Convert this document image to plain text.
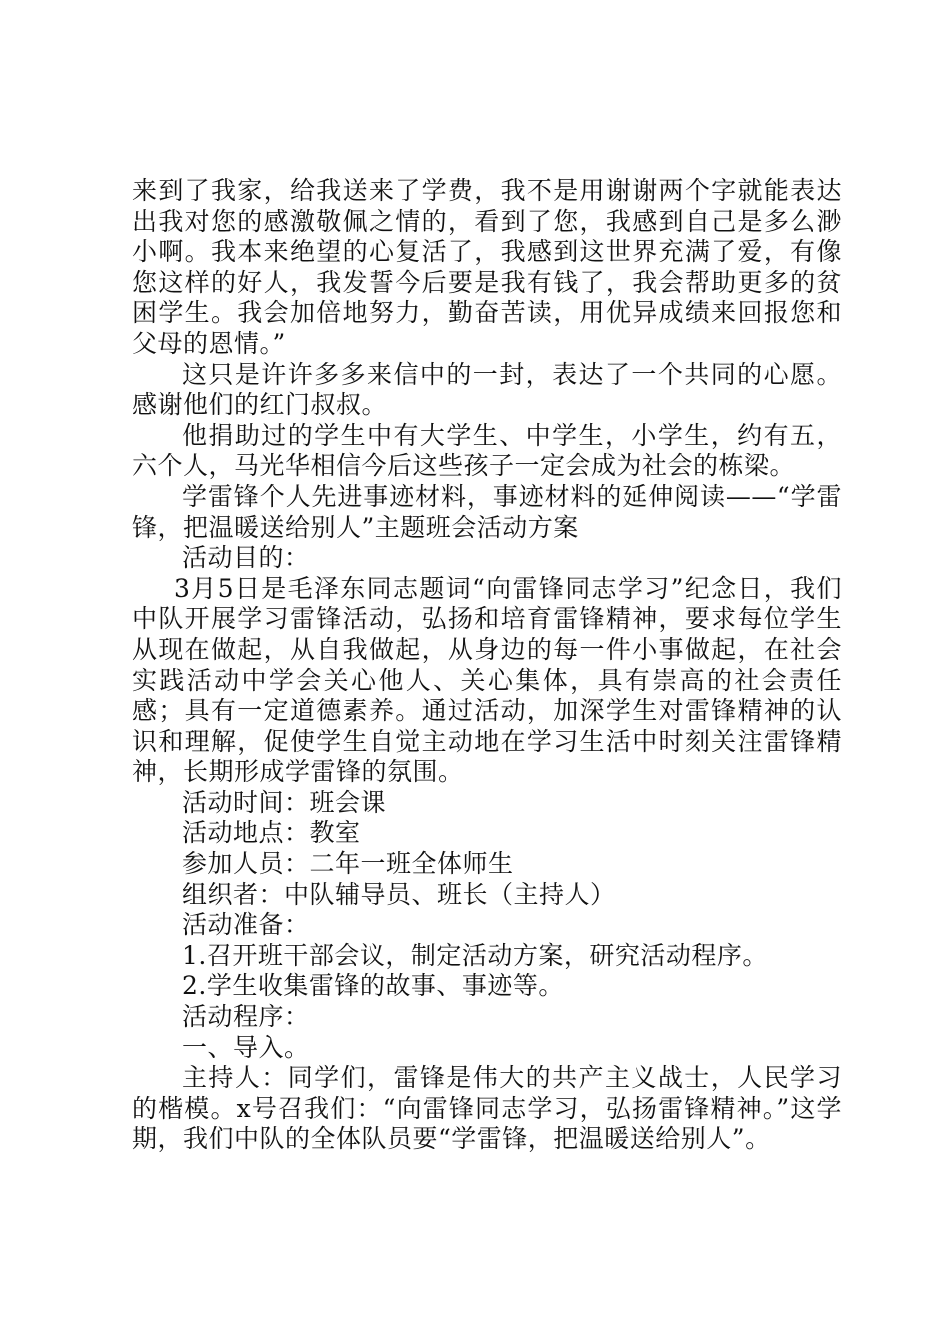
来到了我家，给我送来了学费，我不是用谢谢两个字就能表达出我对您的感激敬佩之情的，看到了您，我感到自己是多么渺小啊。我本来绝望的心复活了，我感到这世界充满了爱，有像您这样的好人，我发誓今后要是我有钱了，我会帮助更多的贫困学生。我会加倍地努力，勤奋苦读，用优异成绩来回报您和父母的恩情。”

这只是许许多多来信中的一封，表达了一个共同的心愿。感谢他们的红门叔叔。

他捐助过的学生中有大学生、中学生，小学生，约有五，六个人，马光华相信今后这些孩子一定会成为社会的栋梁。

学雷锋个人先进事迹材料，事迹材料的延伸阅读——“学雷锋，把温暖送给别人”主题班会活动方案

活动目的：

3月5日是毛泽东同志题词“向雷锋同志学习”纪念日，我们中队开展学习雷锋活动，弘扬和培育雷锋精神，要求每位学生从现在做起，从自我做起，从身边的每一件小事做起，在社会实践活动中学会关心他人、关心集体，具有崇高的社会责任感；具有一定道德素养。通过活动，加深学生对雷锋精神的认识和理解，促使学生自觉主动地在学习生活中时刻关注雷锋精神，长期形成学雷锋的氛围。

活动时间：班会课

活动地点：教室

参加人员：二年一班全体师生

组织者：中队辅导员、班长（主持人）

活动准备：

1.召开班干部会议，制定活动方案，研究活动程序。

2.学生收集雷锋的故事、事迹等。

活动程序：

一、导入。

主持人：同学们，雷锋是伟大的共产主义战士，人民学习的楷模。x号召我们：“向雷锋同志学习，弘扬雷锋精神。”这学期，我们中队的全体队员要“学雷锋，把温暖送给别人”。
